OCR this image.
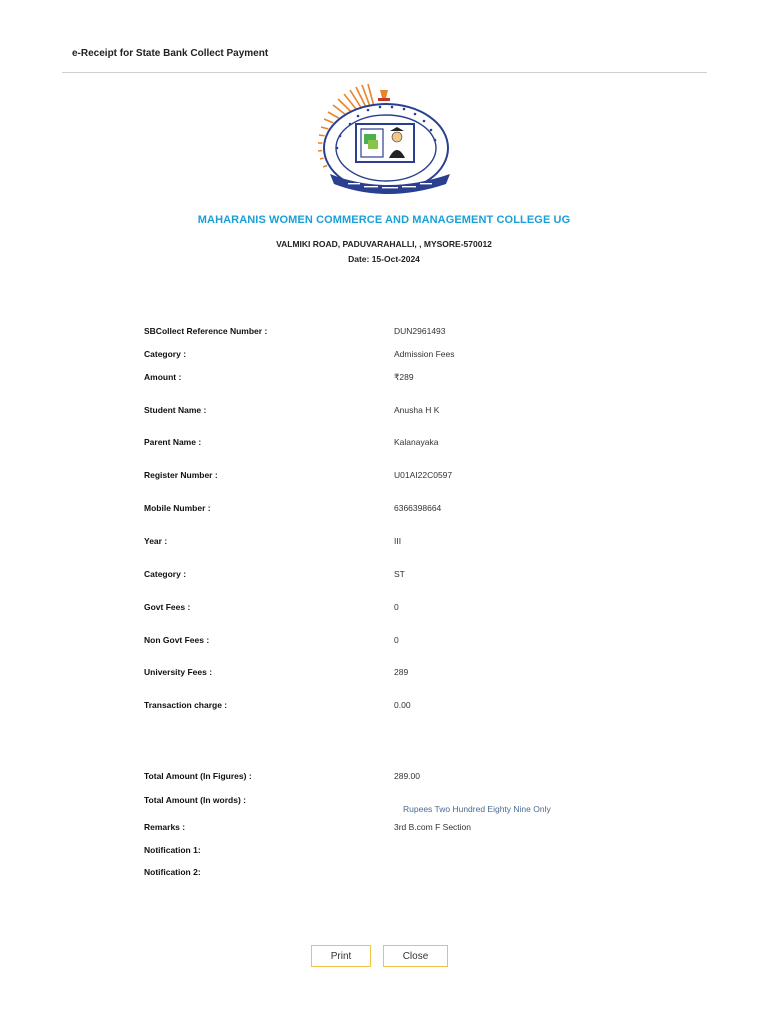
e-Receipt for State Bank Collect Payment
MAHARANIS WOMEN COMMERCE AND MANAGEMENT COLLEGE UG
VALMIKI ROAD, PADUVARAHALLI, , MYSORE-570012
Date: 15-Oct-2024
SBCollect Reference Number :	DUN2961493
Category :	Admission Fees
Amount :	₹289
Student Name :	Anusha H K
Parent Name :	Kalanayaka
Register Number :	U01AI22C0597
Mobile Number :	6366398664
Year :	III
Category :	ST
Govt Fees :	0
Non Govt Fees :	0
University Fees :	289
Transaction charge :	0.00
Total Amount (In Figures) :	289.00
Total Amount (In words) :
Rupees Two Hundred Eighty Nine Only
Remarks :	3rd B.com F Section
Notification 1:
Notification 2:
Print	Close
